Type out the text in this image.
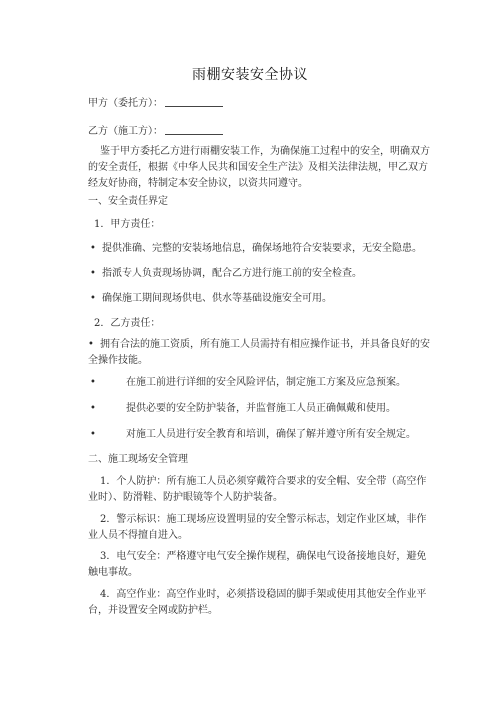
雨棚安装安全协议
甲方（委托方）：
乙方（施工方）：
鉴于甲方委托乙方进行雨棚安装工作，为确保施工过程中的安全，明确双方的安全责任，根据《中华人民共和国安全生产法》及相关法律法规，甲乙双方经友好协商，特制定本安全协议，以资共同遵守。
一、安全责任界定
1．甲方责任：
• 提供准确、完整的安装场地信息，确保场地符合安装要求，无安全隐患。
• 指派专人负责现场协调，配合乙方进行施工前的安全检查。
• 确保施工期间现场供电、供水等基础设施安全可用。
2．乙方责任：
• 拥有合法的施工资质，所有施工人员需持有相应操作证书，并具备良好的安全操作技能。
•	在施工前进行详细的安全风险评估，制定施工方案及应急预案。
•	提供必要的安全防护装备，并监督施工人员正确佩戴和使用。
•	对施工人员进行安全教育和培训，确保了解并遵守所有安全规定。
二、施工现场安全管理
1．个人防护：所有施工人员必须穿戴符合要求的安全帽、安全带（高空作业时）、防滑鞋、防护眼镜等个人防护装备。
2．警示标识：施工现场应设置明显的安全警示标志，划定作业区域，非作业人员不得擅自进入。
3．电气安全：严格遵守电气安全操作规程，确保电气设备接地良好，避免触电事故。
4．高空作业：高空作业时，必须搭设稳固的脚手架或使用其他安全作业平台，并设置安全网或防护栏。
